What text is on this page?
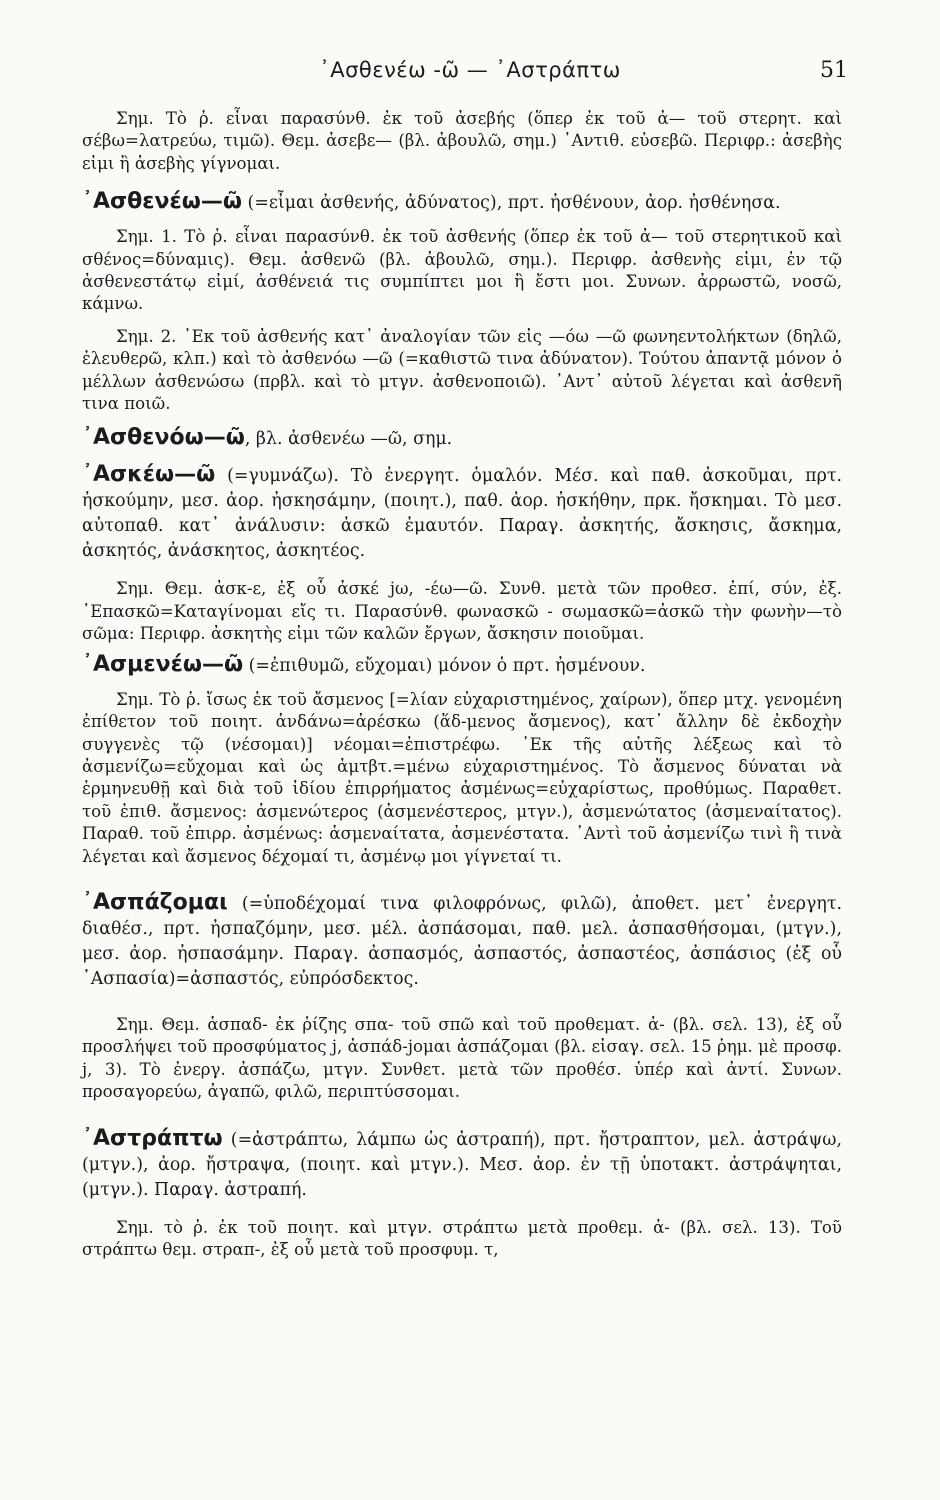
᾿Ασθενέω -ῶ — ᾿Αστράπτω	51

Σημ. Τὸ ῥ. εἶναι παρασύνθ. ἐκ τοῦ ἀσεβής (ὅπερ ἐκ τοῦ ἀ— τοῦ στερητ. καὶ σέβω=λατρεύω, τιμῶ). Θεμ. ἀσεβε— (βλ. ἀβουλῶ, σημ.) ᾿Αντιθ. εὐσεβῶ. Περιφρ.: ἀσεβὴς εἰμι ἢ ἀσεβὴς γίγνομαι.

᾿Ασθενέω—ῶ (=εἶμαι ἀσθενής, ἀδύνατος), πρτ. ἠσθένουν, ἀορ. ἠσθένησα.

Σημ. 1. Τὸ ῥ. εἶναι παρασύνθ. ἐκ τοῦ ἀσθενής (ὅπερ ἐκ τοῦ ἀ— τοῦ στερητικοῦ καὶ σθένος=δύναμις). Θεμ. ἀσθενῶ (βλ. ἀβουλῶ, σημ.). Περιφρ. ἀσθενὴς εἰμι, ἐν τῷ ἀσθενεστάτῳ εἰμί, ἀσθένειά τις συμπίπτει μοι ἢ ἔστι μοι. Συνων. ἀρρωστῶ, νοσῶ, κάμνω.

Σημ. 2. ᾿Εκ τοῦ ἀσθενής κατ᾿ ἀναλογίαν τῶν εἰς —όω —ῶ φωνηεντολήκτων (δηλῶ, ἐλευθερῶ, κλπ.) καὶ τὸ ἀσθενόω —ῶ (=καθιστῶ τινα ἀδύνατον). Τούτου ἀπαντᾷ μόνον ὁ μέλλων ἀσθενώσω (πρβλ. καὶ τὸ μτγν. ἀσθενοποιῶ). ᾿Αντ᾿ αὐτοῦ λέγεται καὶ ἀσθενῆ τινα ποιῶ.

᾿Ασθενόω—ῶ, βλ. ἀσθενέω —ῶ, σημ.

᾿Ασκέω—ῶ (=γυμνάζω). Τὸ ἐνεργητ. ὁμαλόν. Μέσ. καὶ παθ. ἀσκοῦμαι, πρτ. ἠσκούμην, μεσ. ἀορ. ἠσκησάμην, (ποιητ.), παθ. ἀορ. ἠσκήθην, πρκ. ἤσκημαι. Τὸ μεσ. αὐτοπαθ. κατ᾿ ἀνάλυσιν: ἀσκῶ ἐμαυτόν. Παραγ. ἀσκητής, ἄσκησις, ἄσκημα, ἀσκητός, ἀνάσκητος, ἀσκητέος.

Σημ. Θεμ. ἀσκ-ε, ἐξ οὗ ἀσκέ jω, -έω—ῶ. Συνθ. μετὰ τῶν προθεσ. ἐπί, σύν, ἐξ. ᾿Επασκῶ=Καταγίνομαι εἴς τι. Παρασύνθ. φωνασκῶ - σωμασκῶ=ἀσκῶ τὴν φωνὴν—τὸ σῶμα: Περιφρ. ἀσκητὴς εἰμι τῶν καλῶν ἔργων, ἄσκησιν ποιοῦμαι.

᾿Ασμενέω—ῶ (=ἐπιθυμῶ, εὔχομαι) μόνον ὁ πρτ. ἠσμένουν.

Σημ. Τὸ ῥ. ἴσως ἐκ τοῦ ἄσμενος [=λίαν εὐχαριστημένος, χαίρων), ὅπερ μτχ. γενομένη ἐπίθετον τοῦ ποιητ. ἁνδάνω=ἀρέσκω (ἅδ-μενος ἄσμενος), κατ᾿ ἄλλην δὲ ἐκδοχὴν συγγενὲς τῷ (νέσομαι)] νέομαι=ἐπιστρέφω. ᾿Εκ τῆς αὐτῆς λέξεως καὶ τὸ ἀσμενίζω=εὔχομαι καὶ ὡς ἀμτβτ.=μένω εὐχαριστημένος. Τὸ ἄσμενος δύναται νὰ ἑρμηνευθῇ καὶ διὰ τοῦ ἰδίου ἐπιρρήματος ἀσμένως=εὐχαρίστως, προθύμως. Παραθετ. τοῦ ἐπιθ. ἄσμενος: ἀσμενώτερος (ἀσμενέστερος, μτγν.), ἀσμενώτατος (ἀσμεναίτατος). Παραθ. τοῦ ἐπιρρ. ἀσμένως: ἀσμεναίτατα, ἀσμενέστατα. ᾿Αντὶ τοῦ ἀσμενίζω τινὶ ἢ τινὰ λέγεται καὶ ἄσμενος δέχομαί τι, ἀσμένῳ μοι γίγνεταί τι.

᾿Ασπάζομαι (=ὑποδέχομαί τινα φιλοφρόνως, φιλῶ), ἀποθετ. μετ᾿ ἐνεργητ. διαθέσ., πρτ. ἠσπαζόμην, μεσ. μέλ. ἀσπάσομαι, παθ. μελ. ἀσπασθήσομαι, (μτγν.), μεσ. ἀορ. ἠσπασάμην. Παραγ. ἀσπασμός, ἀσπαστός, ἀσπαστέος, ἀσπάσιος (ἐξ οὗ ᾿Ασπασία)=ἀσπαστός, εὐπρόσδεκτος.

Σημ. Θεμ. ἀσπαδ- ἐκ ῥίζης σπα- τοῦ σπῶ καὶ τοῦ προθεματ. ἀ- (βλ. σελ. 13), ἐξ οὗ προσλήψει τοῦ προσφύματος j, ἀσπάδ-jομαι ἀσπάζομαι (βλ. εἰσαγ. σελ. 15 ῥημ. μὲ προσφ. j, 3). Τὸ ἐνεργ. ἀσπάζω, μτγν. Συνθετ. μετὰ τῶν προθέσ. ὑπέρ καὶ ἀντί. Συνων. προσαγορεύω, ἀγαπῶ, φιλῶ, περιπτύσσομαι.

᾿Αστράπτω (=ἀστράπτω, λάμπω ὡς ἀστραπή), πρτ. ἤστραπτον, μελ. ἀστράψω, (μτγν.), ἀορ. ἤστραψα, (ποιητ. καὶ μτγν.). Μεσ. ἀορ. ἐν τῇ ὑποτακτ. ἀστράψηται, (μτγν.). Παραγ. ἀστραπή.

Σημ. τὸ ῥ. ἐκ τοῦ ποιητ. καὶ μτγν. στράπτω μετὰ προθεμ. ἀ- (βλ. σελ. 13). Τοῦ στράπτω θεμ. στραπ-, ἐξ οὗ μετὰ τοῦ προσφυμ. τ,
